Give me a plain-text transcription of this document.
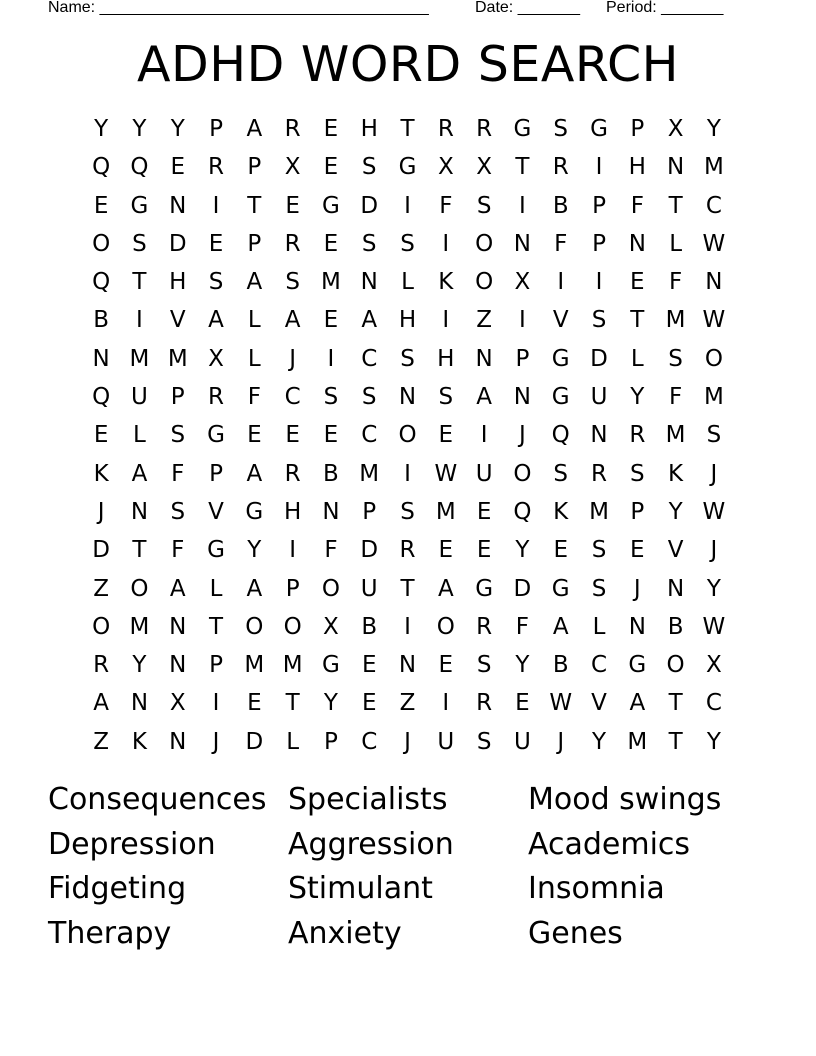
Name: _____________________________________

	Date: _______

Period: _______

ADHD WORD SEARCH
Y	Y	Y	P	A R	E H T	R R G S G P	X	Y
Q Q E	R	P	X	E	S G X X	T	R	I	H N M
E G N	I	T	E G D	I	F	S	I	B	P	F	T	C
O S D E	P	R	E	S	S	I	O N	F	P N	L W
Q T H S	A	S M N	L	K O X	I	I	E	F	N
B	I	V A	L	A	E	A H	I	Z	I	V	S	T M W
N M M X	L	J	I	C S H N P G D	L	S O
Q U P	R	F	C S	S N S	A N G U Y	F M
E	L	S G E	E	E C O E	I	J	Q N R M S
K A	F	P	A R B M	I	W U O S	R	S	K	J
J	N S	V G H N P	S M E Q K M P	Y W
D T	F G Y	I	F D R	E	E	Y	E	S	E	V	J
Z O A	L	A	P O U T	A G D G S	J	N Y
O M N T O O X B	I	O R	F	A	L	N B W
R	Y N P M M G E N E	S	Y	B C G O X
A N X	I	E	T	Y	E	Z	I	R	E W V A	T	C
Z K N	J	D	L	P	C	J	U S U	J	Y M T	Y
Consequences Specialists	Mood swings
Depression	Aggression	Academics
Fidgeting	Stimulant	Insomnia
Therapy	Anxiety	Genes
